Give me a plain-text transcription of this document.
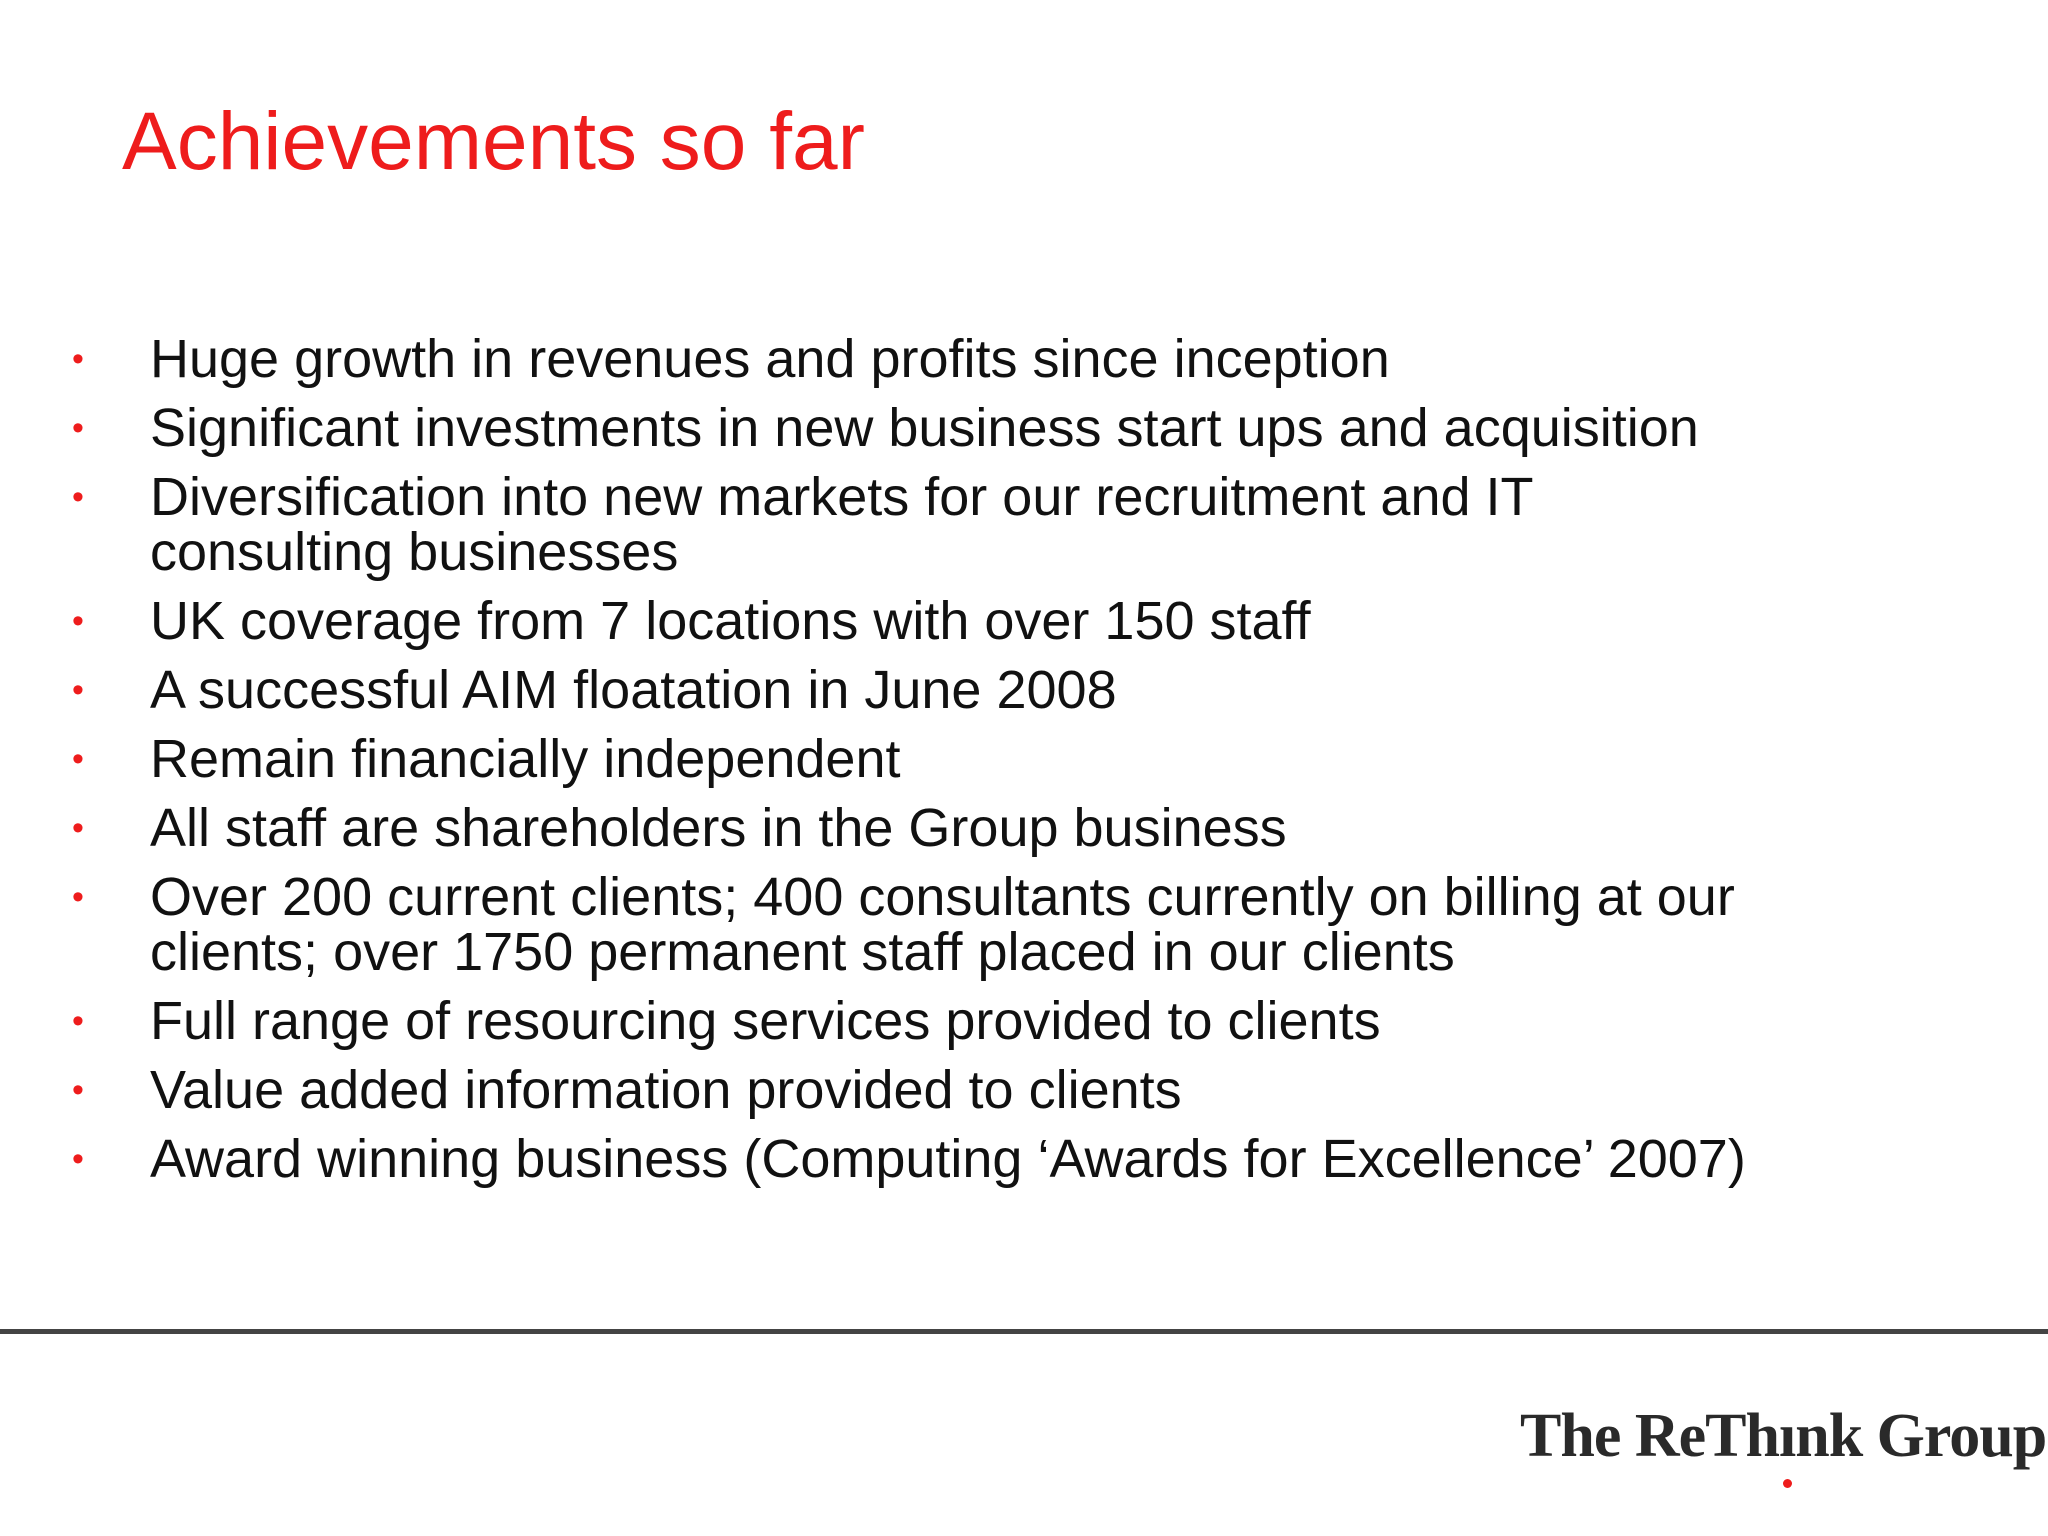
Achievements so far
•	Huge growth in revenues and profits since inception
•	Significant investments in new business start ups and acquisition
•	Diversification into new markets for our recruitment and IT
consulting businesses
•	UK coverage from 7 locations with over 150 staff
•	A successful AIM floatation in June 2008
•	Remain financially independent
•	All staff are shareholders in the Group business
•	Over 200 current clients; 400 consultants currently on billing at our
clients; over 1750 permanent staff placed in our clients
•	Full range of resourcing services provided to clients
•	Value added information provided to clients
•	Award winning business (Computing ‘Awards for Excellence’ 2007)
The ReTh ı nk Group
